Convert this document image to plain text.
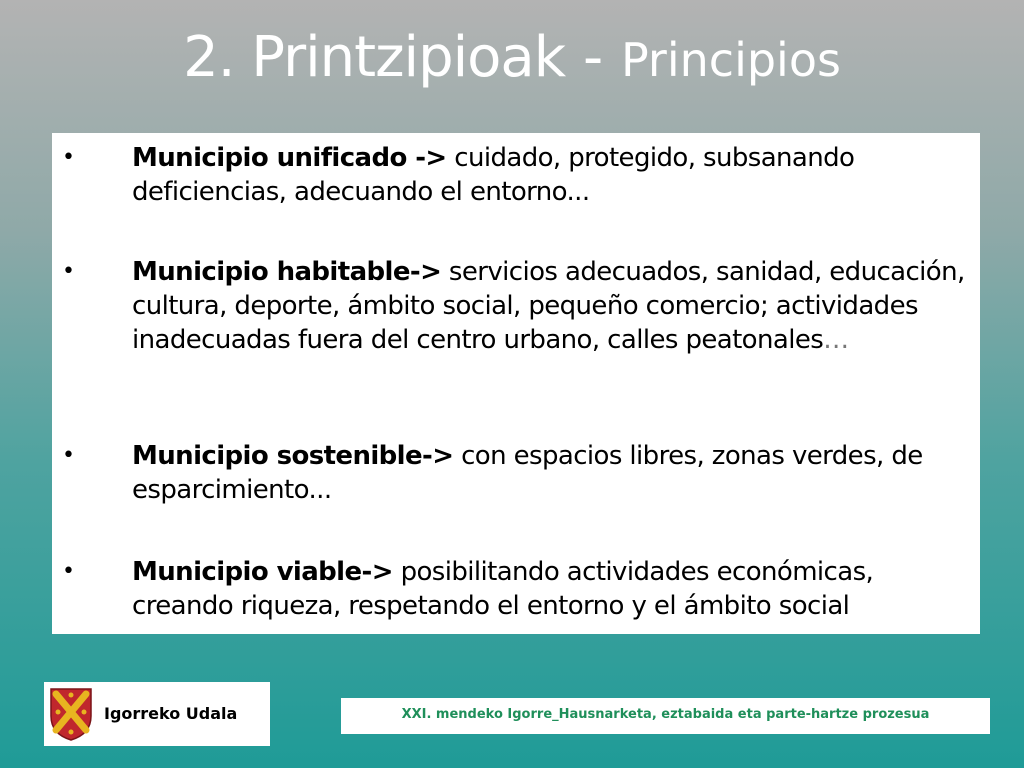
2. Printzipioak - Principios
• Municipio unificado -> cuidado, protegido, subsanando deficiencias, adecuando el entorno...
• Municipio habitable-> servicios adecuados, sanidad, educación, cultura, deporte, ámbito social, pequeño comercio; actividades inadecuadas fuera del centro urbano, calles peatonales…
• Municipio sostenible-> con espacios libres, zonas verdes, de esparcimiento...
• Municipio viable-> posibilitando actividades económicas, creando riqueza, respetando el entorno y el ámbito social
Igorreko Udala	XXI. mendeko Igorre_Hausnarketa, eztabaida eta parte-hartze prozesua
